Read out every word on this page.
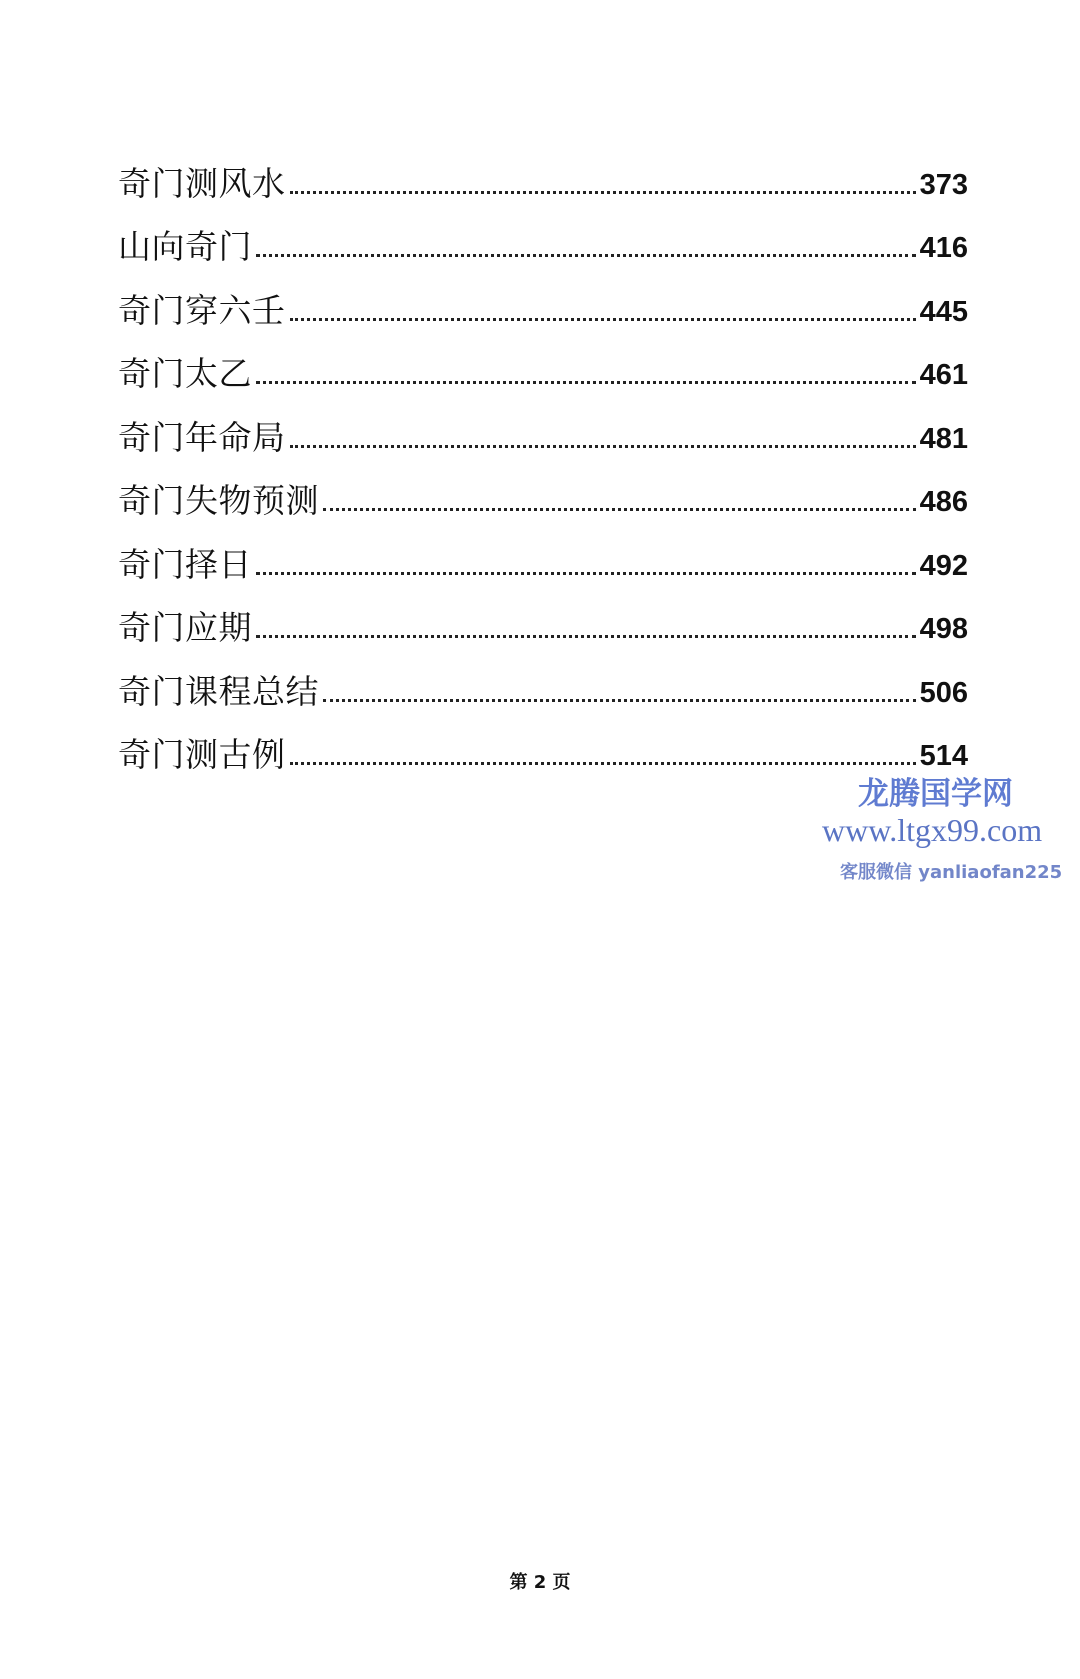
奇门测风水	373
山向奇门	416
奇门穿六壬	445
奇门太乙	461
奇门年命局	481
奇门失物预测	486
奇门择日	492
奇门应期	498
奇门课程总结	506
奇门测古例	514
龙腾国学网
www.ltgx99.com
客服微信 yanliaofan225
第 2 页
